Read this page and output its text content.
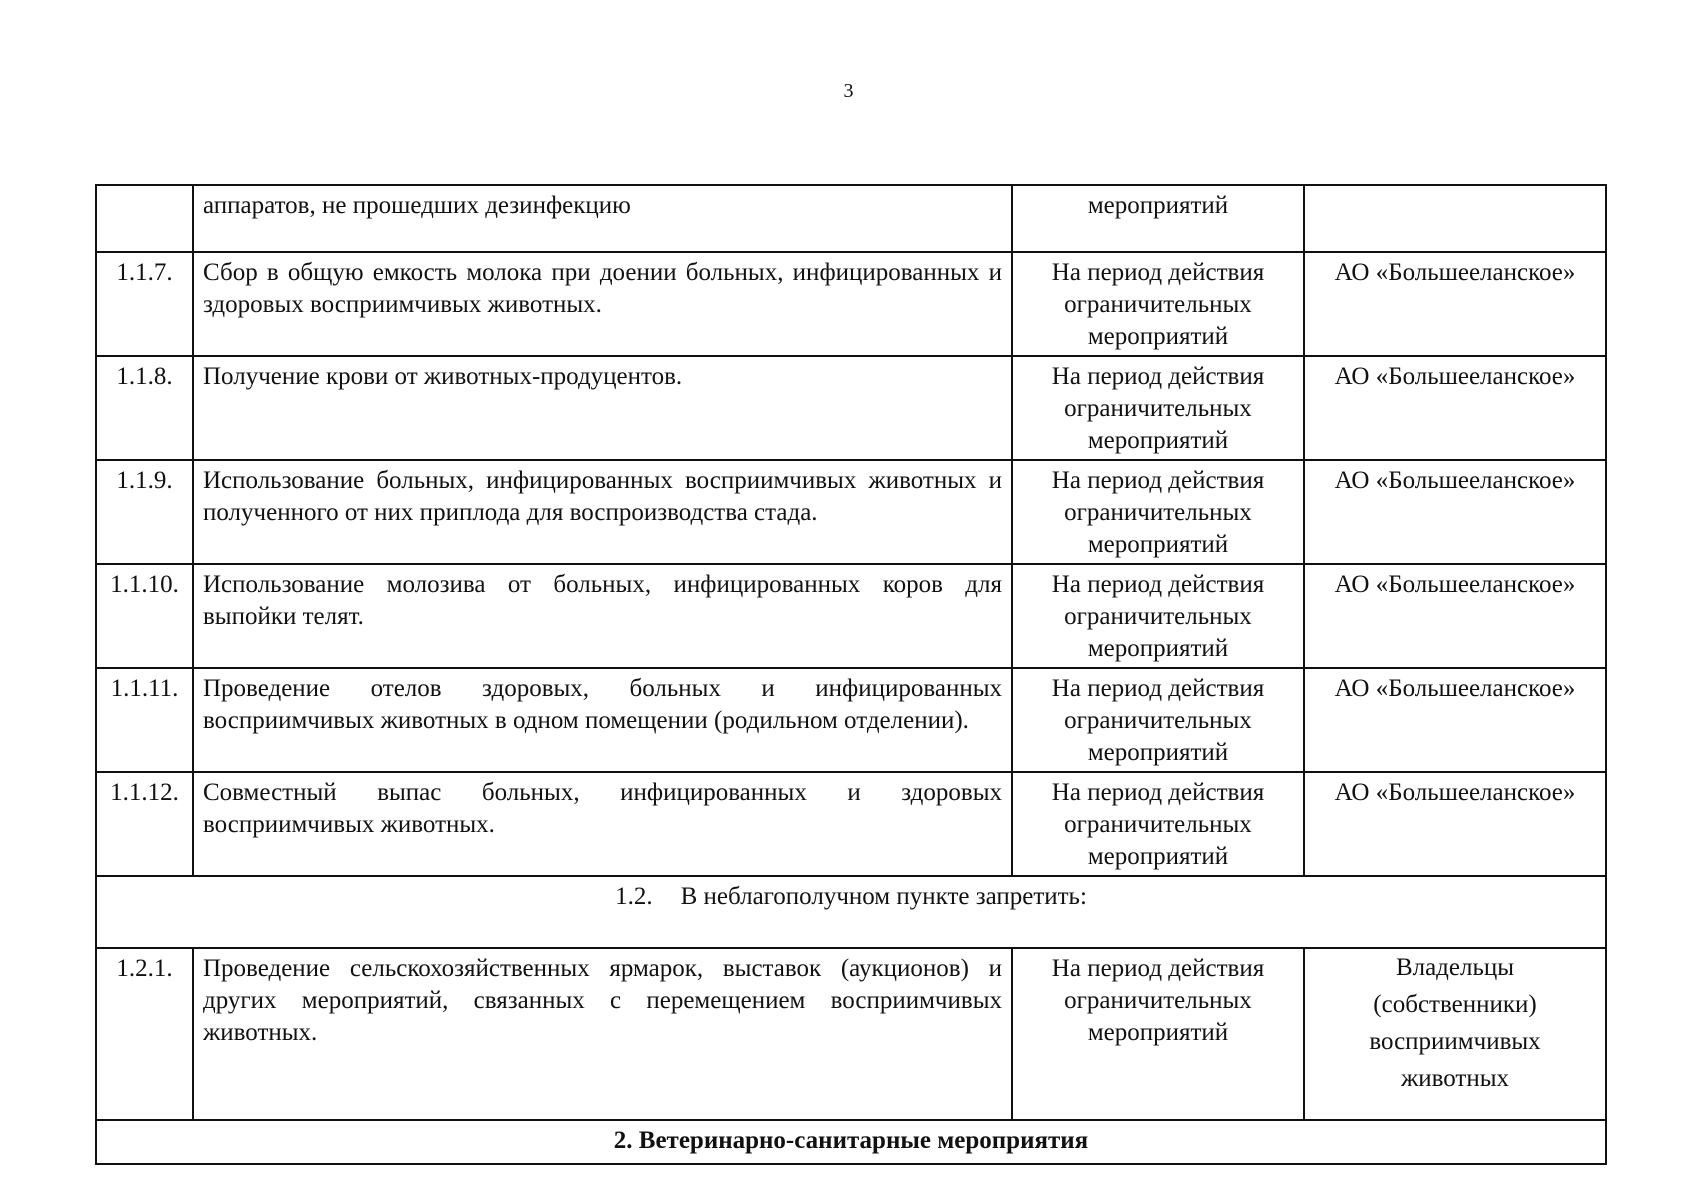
3
	аппаратов, не прошедших дезинфекцию	мероприятий	
1.1.7.	Сбор в общую емкость молока при доении больных, инфицированных и здоровых восприимчивых животных.	На период действия ограничительных мероприятий	АО «Большееланское»
1.1.8.	Получение крови от животных-продуцентов.	На период действия ограничительных мероприятий	АО «Большееланское»
1.1.9.	Использование больных, инфицированных восприимчивых животных и полученного от них приплода для воспроизводства стада.	На период действия ограничительных мероприятий	АО «Большееланское»
1.1.10.	Использование молозива от больных, инфицированных коров для выпойки телят.	На период действия ограничительных мероприятий	АО «Большееланское»
1.1.11.	Проведение отелов здоровых, больных и инфицированных восприимчивых животных в одном помещении (родильном отделении).	На период действия ограничительных мероприятий	АО «Большееланское»
1.1.12.	Совместный выпас больных, инфицированных и здоровых восприимчивых животных.	На период действия ограничительных мероприятий	АО «Большееланское»
1.2. В неблагополучном пункте запретить:			
1.2.1.	Проведение сельскохозяйственных ярмарок, выставок (аукционов) и других мероприятий, связанных с перемещением восприимчивых животных.	На период действия ограничительных мероприятий	Владельцы (собственники) восприимчивых животных
2. Ветеринарно-санитарные мероприятия			
